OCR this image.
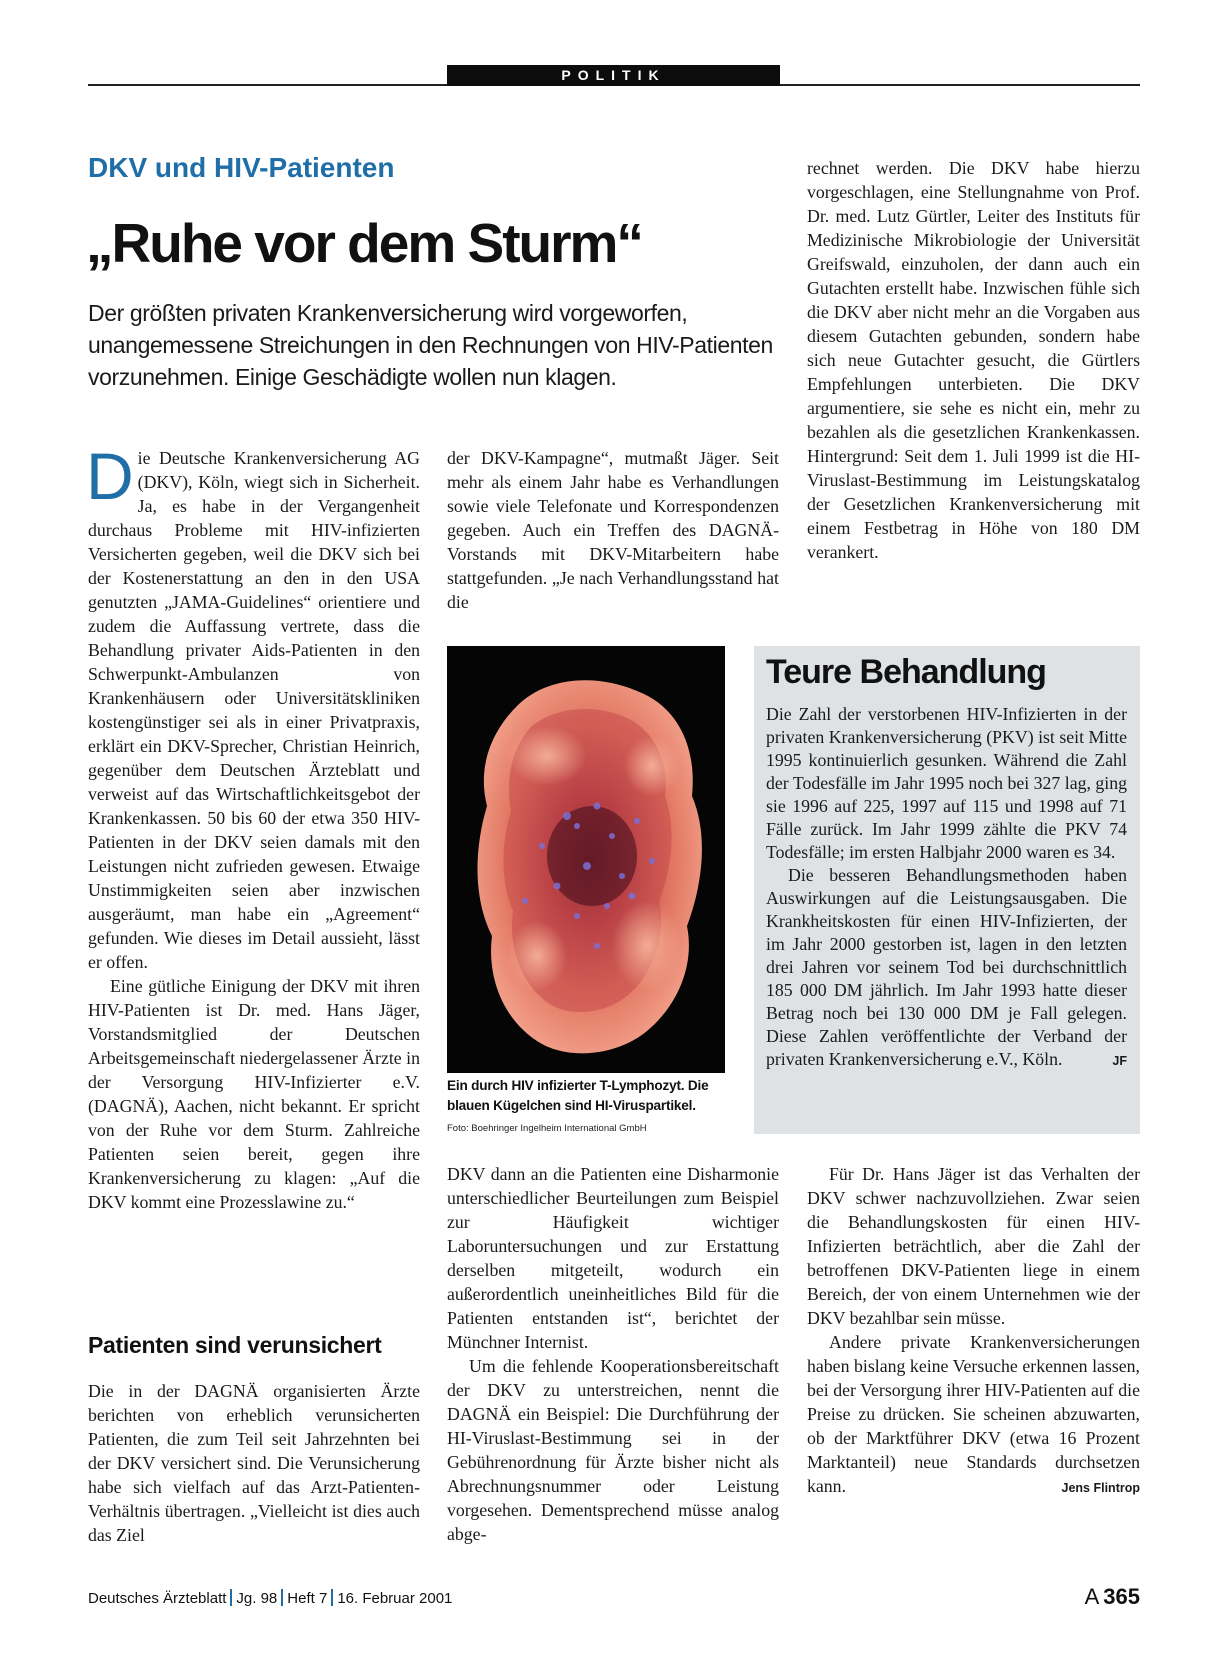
POLITIK
DKV und HIV-Patienten
„Ruhe vor dem Sturm“
Der größten privaten Krankenversicherung wird vorgeworfen, unangemessene Streichungen in den Rechnungen von HIV-Patienten vorzunehmen. Einige Geschädigte wollen nun klagen.

Die Deutsche Krankenversicherung AG (DKV), Köln, wiegt sich in Sicherheit. Ja, es habe in der Vergangenheit durchaus Probleme mit HIV-infizierten Versicherten gegeben, weil die DKV sich bei der Kostenerstattung an den in den USA genutzten „JAMA-Guidelines“ orientiere und zudem die Auffassung vertrete, dass die Behandlung privater Aids-Patienten in den Schwerpunkt-Ambulanzen von Krankenhäusern oder Universitätskliniken kostengünstiger sei als in einer Privatpraxis, erklärt ein DKV-Sprecher, Christian Heinrich, gegenüber dem Deutschen Ärzteblatt und verweist auf das Wirtschaftlichkeitsgebot der Krankenkassen. 50 bis 60 der etwa 350 HIV-Patienten in der DKV seien damals mit den Leistungen nicht zufrieden gewesen. Etwaige Unstimmigkeiten seien aber inzwischen ausgeräumt, man habe ein „Agreement“ gefunden. Wie dieses im Detail aussieht, lässt er offen.

Eine gütliche Einigung der DKV mit ihren HIV-Patienten ist Dr. med. Hans Jäger, Vorstandsmitglied der Deutschen Arbeitsgemeinschaft niedergelassener Ärzte in der Versorgung HIV-Infizierter e.V. (DAGNÄ), Aachen, nicht bekannt. Er spricht von der Ruhe vor dem Sturm. Zahlreiche Patienten seien bereit, gegen ihre Krankenversicherung zu klagen: „Auf die DKV kommt eine Prozesslawine zu.“

Patienten sind verunsichert

Die in der DAGNÄ organisierten Ärzte berichten von erheblich verunsicherten Patienten, die zum Teil seit Jahrzehnten bei der DKV versichert sind. Die Verunsicherung habe sich vielfach auf das Arzt-Patienten-Verhältnis übertragen. „Vielleicht ist dies auch das Ziel

der DKV-Kampagne“, mutmaßt Jäger. Seit mehr als einem Jahr habe es Verhandlungen sowie viele Telefonate und Korrespondenzen gegeben. Auch ein Treffen des DAGNÄ-Vorstands mit DKV-Mitarbeitern habe stattgefunden. „Je nach Verhandlungsstand hat die

Ein durch HIV infizierter T-Lymphozyt. Die blauen Kügelchen sind HI-Viruspartikel.
Foto: Boehringer Ingelheim International GmbH

DKV dann an die Patienten eine Disharmonie unterschiedlicher Beurteilungen zum Beispiel zur Häufigkeit wichtiger Laboruntersuchungen und zur Erstattung derselben mitgeteilt, wodurch ein außerordentlich uneinheitliches Bild für die Patienten entstanden ist“, berichtet der Münchner Internist.

Um die fehlende Kooperationsbereitschaft der DKV zu unterstreichen, nennt die DAGNÄ ein Beispiel: Die Durchführung der HI-Viruslast-Bestimmung sei in der Gebührenordnung für Ärzte bisher nicht als Abrechnungsnummer oder Leistung vorgesehen. Dementsprechend müsse analog abge-

rechnet werden. Die DKV habe hierzu vorgeschlagen, eine Stellungnahme von Prof. Dr. med. Lutz Gürtler, Leiter des Instituts für Medizinische Mikrobiologie der Universität Greifswald, einzuholen, der dann auch ein Gutachten erstellt habe. Inzwischen fühle sich die DKV aber nicht mehr an die Vorgaben aus diesem Gutachten gebunden, sondern habe sich neue Gutachter gesucht, die Gürtlers Empfehlungen unterbieten. Die DKV argumentiere, sie sehe es nicht ein, mehr zu bezahlen als die gesetzlichen Krankenkassen. Hintergrund: Seit dem 1. Juli 1999 ist die HI-Viruslast-Bestimmung im Leistungskatalog der Gesetzlichen Krankenversicherung mit einem Festbetrag in Höhe von 180 DM verankert.

Teure Behandlung

Die Zahl der verstorbenen HIV-Infizierten in der privaten Krankenversicherung (PKV) ist seit Mitte 1995 kontinuierlich gesunken. Während die Zahl der Todesfälle im Jahr 1995 noch bei 327 lag, ging sie 1996 auf 225, 1997 auf 115 und 1998 auf 71 Fälle zurück. Im Jahr 1999 zählte die PKV 74 Todesfälle; im ersten Halbjahr 2000 waren es 34.

Die besseren Behandlungsmethoden haben Auswirkungen auf die Leistungsausgaben. Die Krankheitskosten für einen HIV-Infizierten, der im Jahr 2000 gestorben ist, lagen in den letzten drei Jahren vor seinem Tod bei durchschnittlich 185 000 DM jährlich. Im Jahr 1993 hatte dieser Betrag noch bei 130 000 DM je Fall gelegen. Diese Zahlen veröffentlichte der Verband der privaten Krankenversicherung e.V., Köln.	JF

Für Dr. Hans Jäger ist das Verhalten der DKV schwer nachzuvollziehen. Zwar seien die Behandlungskosten für einen HIV-Infizierten beträchtlich, aber die Zahl der betroffenen DKV-Patienten liege in einem Bereich, der von einem Unternehmen wie der DKV bezahlbar sein müsse.

Andere private Krankenversicherungen haben bislang keine Versuche erkennen lassen, bei der Versorgung ihrer HIV-Patienten auf die Preise zu drücken. Sie scheinen abzuwarten, ob der Marktführer DKV (etwa 16 Prozent Marktanteil) neue Standards durchsetzen kann.	Jens Flintrop

Deutsches Ärzteblatt Jg. 98 Heft 7 16. Februar 2001	A 365
